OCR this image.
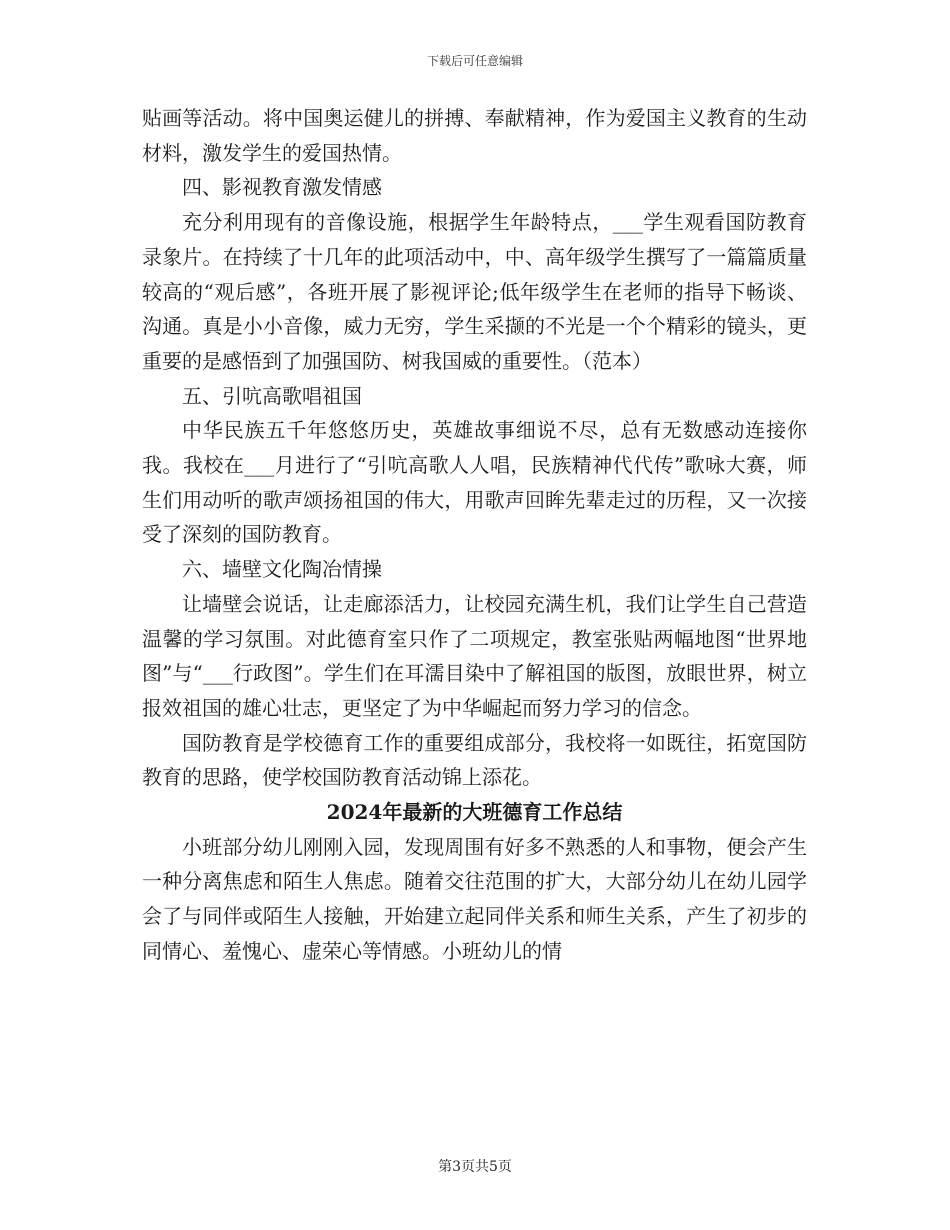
下载后可任意编辑

贴画等活动。将中国奥运健儿的拼搏、奉献精神，作为爱国主义教育的生动材料，激发学生的爱国热情。

四、影视教育激发情感

充分利用现有的音像设施，根据学生年龄特点，___学生观看国防教育录象片。在持续了十几年的此项活动中，中、高年级学生撰写了一篇篇质量较高的“观后感”，各班开展了影视评论;低年级学生在老师的指导下畅谈、沟通。真是小小音像，威力无穷，学生采撷的不光是一个个精彩的镜头，更重要的是感悟到了加强国防、树我国威的重要性。（范本）

五、引吭高歌唱祖国

中华民族五千年悠悠历史，英雄故事细说不尽，总有无数感动连接你我。我校在___月进行了“引吭高歌人人唱，民族精神代代传”歌咏大赛，师生们用动听的歌声颂扬祖国的伟大，用歌声回眸先辈走过的历程，又一次接受了深刻的国防教育。

六、墙壁文化陶冶情操

让墙壁会说话，让走廊添活力，让校园充满生机，我们让学生自己营造温馨的学习氛围。对此德育室只作了二项规定，教室张贴两幅地图“世界地图”与“___行政图”。学生们在耳濡目染中了解祖国的版图，放眼世界，树立报效祖国的雄心壮志，更坚定了为中华崛起而努力学习的信念。

国防教育是学校德育工作的重要组成部分，我校将一如既往，拓宽国防教育的思路，使学校国防教育活动锦上添花。

2024年最新的大班德育工作总结

小班部分幼儿刚刚入园，发现周围有好多不熟悉的人和事物，便会产生一种分离焦虑和陌生人焦虑。随着交往范围的扩大，大部分幼儿在幼儿园学会了与同伴或陌生人接触，开始建立起同伴关系和师生关系，产生了初步的同情心、羞愧心、虚荣心等情感。小班幼儿的情

第3页共5页
